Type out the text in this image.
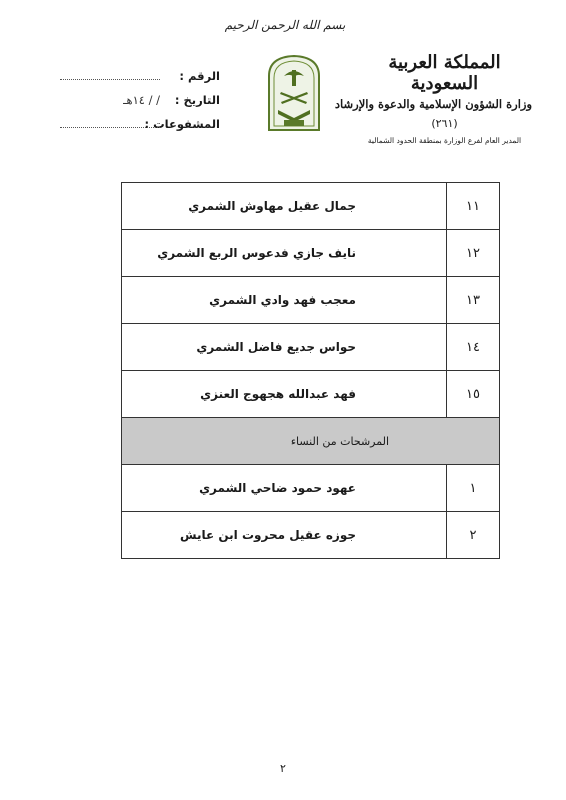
بسم الله الرحمن الرحيم
المملكة العربية السعودية
وزارة الشؤون الإسلامية والدعوة والإرشاد
(٢٦١)
المدير العام لفرع الوزارة بمنطقة الحدود الشمالية
الرقم :
التاريخ :
/ / ١٤هـ
المشفوعات :
١١
جمال عقيل مهاوش الشمري
١٢
نايف جازي فدعوس الربع الشمري
١٣
معجب فهد وادي الشمري
١٤
حواس جديع فاضل الشمري
١٥
فهد عبدالله هجهوج العنزي
المرشحات من النساء
١
عهود حمود ضاحي الشمري
٢
جوزه عقيل محروت ابن عايش
٢
